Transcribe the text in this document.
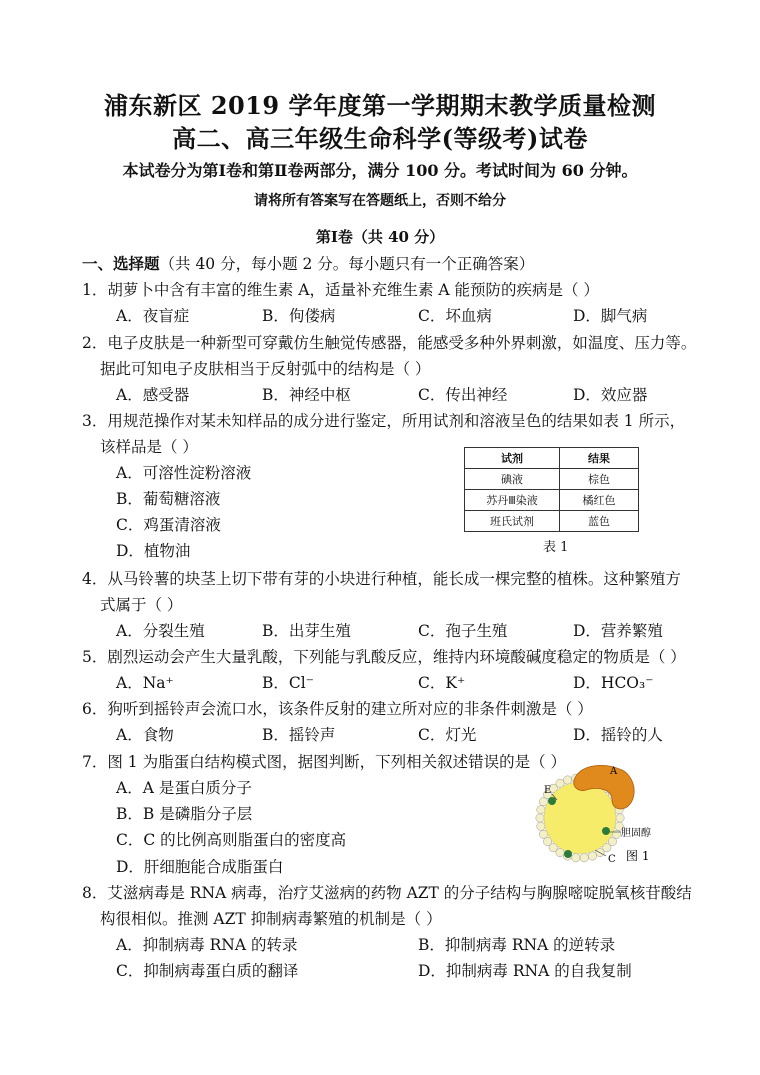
浦东新区 2019 学年度第一学期期末教学质量检测
高二、高三年级生命科学(等级考)试卷
本试卷分为第Ⅰ卷和第Ⅱ卷两部分，满分 100 分。考试时间为 60 分钟。
请将所有答案写在答题纸上，否则不给分
第Ⅰ卷（共 40 分）
一、选择题（共 40 分，每小题 2 分。每小题只有一个正确答案）
1．胡萝卜中含有丰富的维生素 A，适量补充维生素 A 能预防的疾病是（ ）
A．夜盲症	B．佝偻病	C．坏血病	D．脚气病
2．电子皮肤是一种新型可穿戴仿生触觉传感器，能感受多种外界刺激，如温度、压力等。
据此可知电子皮肤相当于反射弧中的结构是（ ）
A．感受器	B．神经中枢	C．传出神经	D．效应器
3．用规范操作对某未知样品的成分进行鉴定，所用试剂和溶液呈色的结果如表 1 所示，
该样品是（ ）
A．可溶性淀粉溶液
B．葡萄糖溶液
C．鸡蛋清溶液
D．植物油
试剂	结果
碘液	棕色
苏丹Ⅲ染液	橘红色
班氏试剂	蓝色
表 1
4．从马铃薯的块茎上切下带有芽的小块进行种植，能长成一棵完整的植株。这种繁殖方
式属于（ ）
A．分裂生殖	B．出芽生殖	C．孢子生殖	D．营养繁殖
5．剧烈运动会产生大量乳酸，下列能与乳酸反应，维持内环境酸碱度稳定的物质是（ ）
A．Na⁺	B．Cl⁻	C．K⁺	D．HCO₃⁻
6．狗听到摇铃声会流口水，该条件反射的建立所对应的非条件刺激是（ ）
A．食物	B．摇铃声	C．灯光	D．摇铃的人
7．图 1 为脂蛋白结构模式图，据图判断，下列相关叙述错误的是（ ）
A．A 是蛋白质分子
B．B 是磷脂分子层
C．C 的比例高则脂蛋白的密度高
D．肝细胞能合成脂蛋白
A
E
胆固醇
C 图 1
8．艾滋病毒是 RNA 病毒，治疗艾滋病的药物 AZT 的分子结构与胸腺嘧啶脱氧核苷酸结
构很相似。推测 AZT 抑制病毒繁殖的机制是（ ）
A．抑制病毒 RNA 的转录	B．抑制病毒 RNA 的逆转录
C．抑制病毒蛋白质的翻译	D．抑制病毒 RNA 的自我复制
